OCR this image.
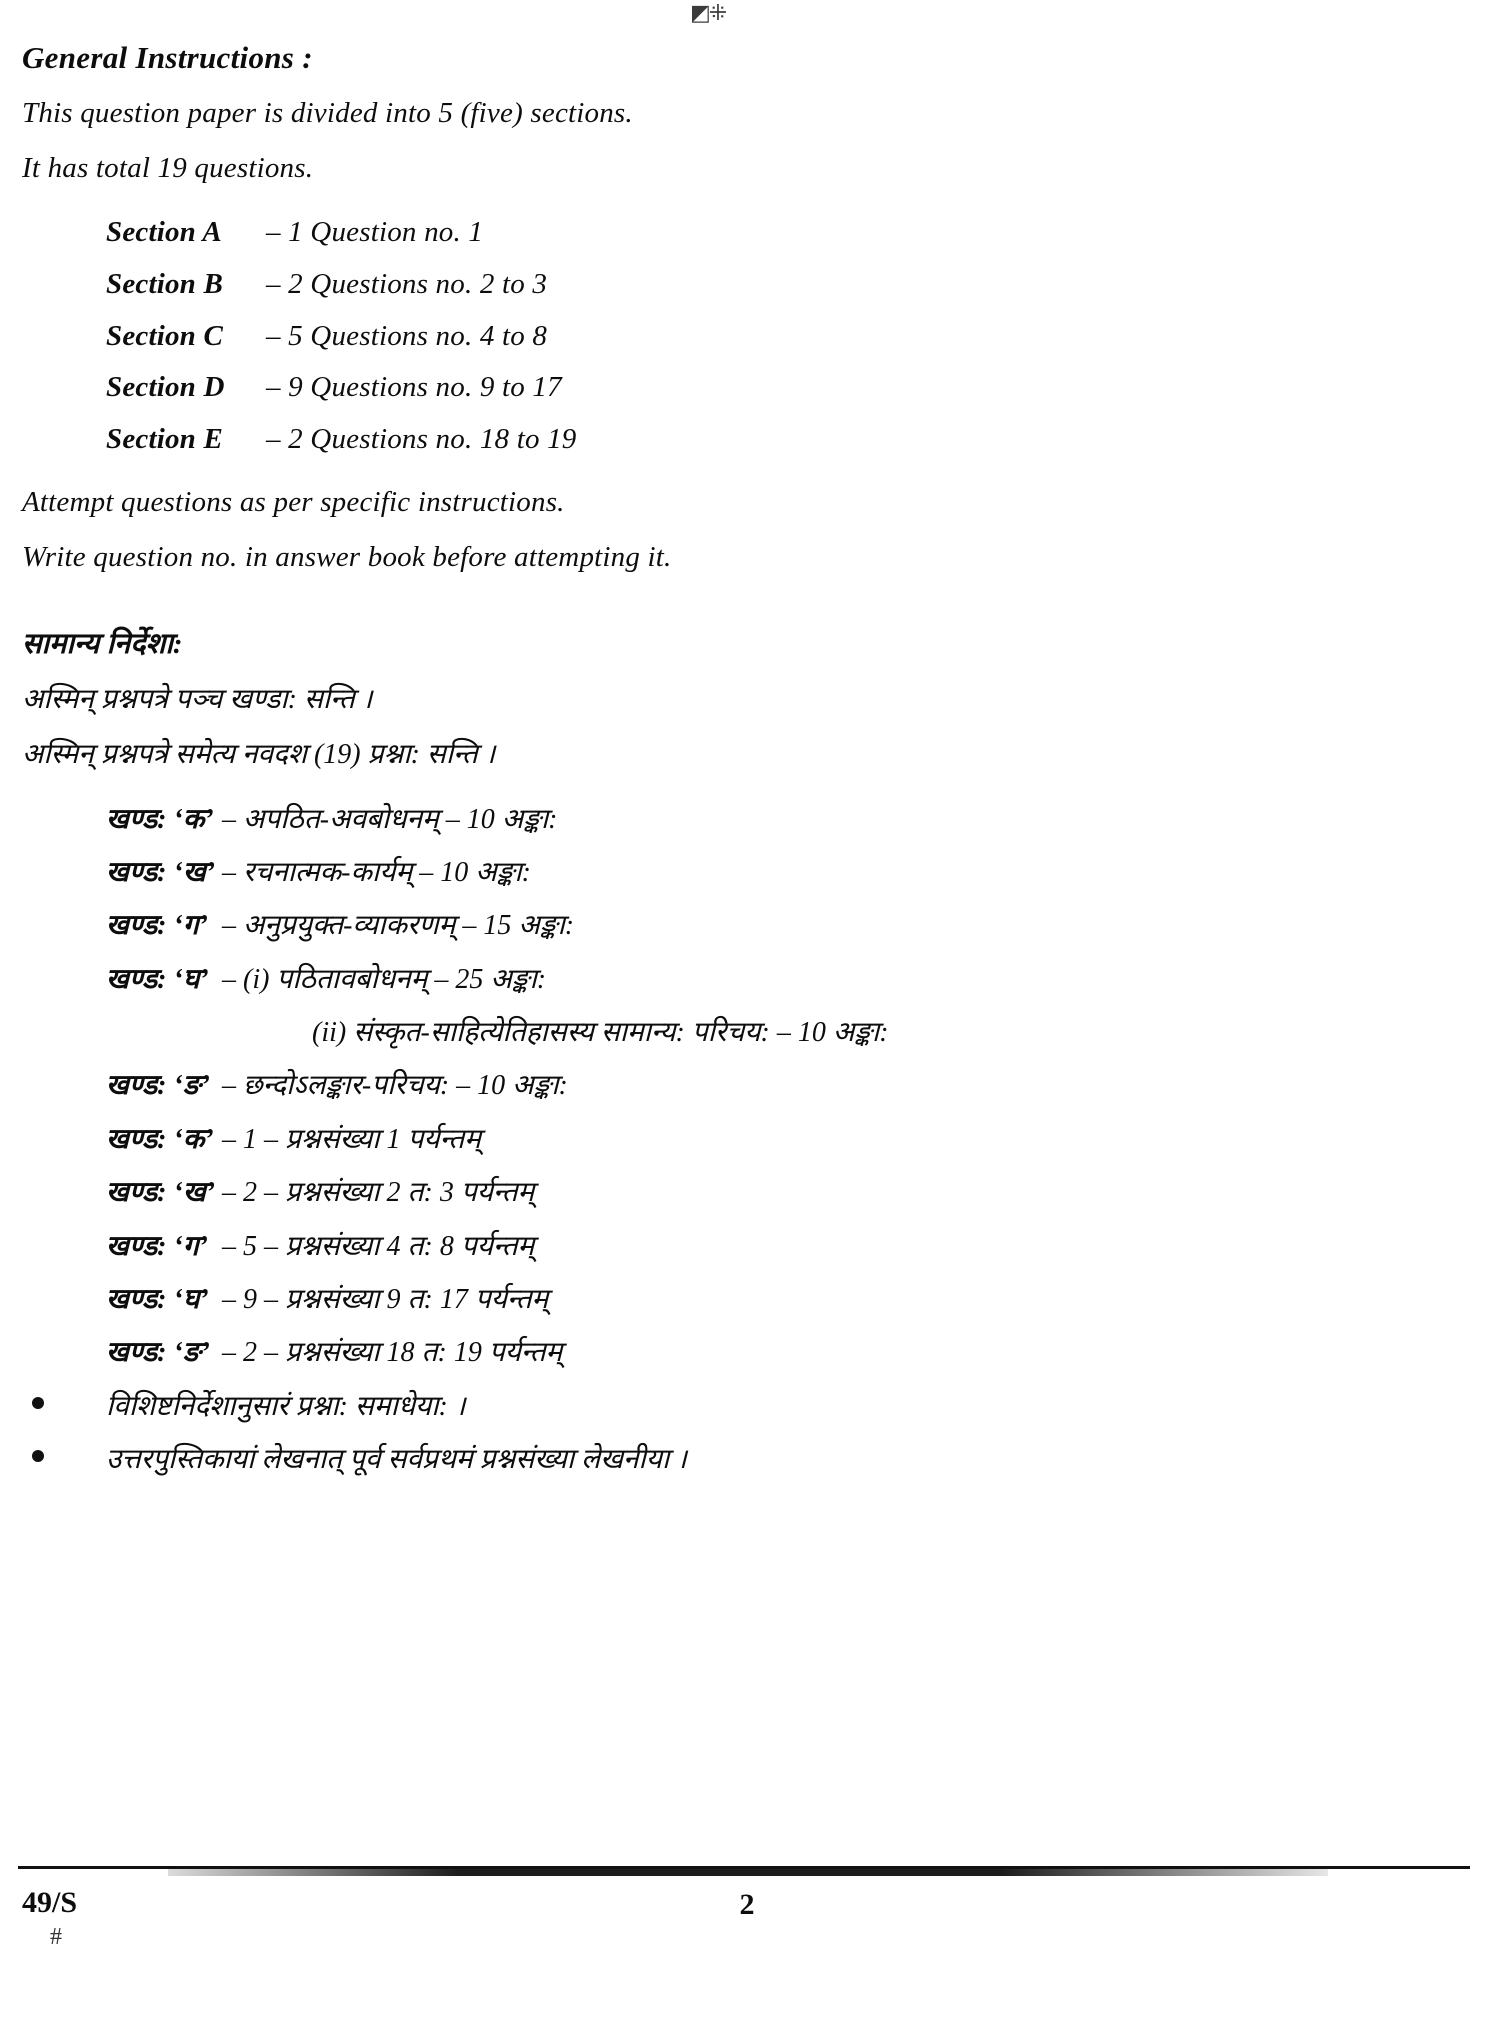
◩⁜
General Instructions :
This question paper is divided into 5 (five) sections.
It has total 19 questions.
Section A – 1 Question no. 1
Section B – 2 Questions no. 2 to 3
Section C – 5 Questions no. 4 to 8
Section D – 9 Questions no. 9 to 17
Section E – 2 Questions no. 18 to 19
Attempt questions as per specific instructions.
Write question no. in answer book before attempting it.
सामान्य निर्देशा:
अस्मिन् प्रश्नपत्रे पञ्च खण्डा: सन्ति ।
अस्मिन् प्रश्नपत्रे समेत्य नवदश (19) प्रश्ना: सन्ति ।
खण्ड: ‘क’ – अपठित-अवबोधनम् – 10 अङ्का:
खण्ड: ‘ख’ – रचनात्मक-कार्यम् – 10 अङ्का:
खण्ड: ‘ग’ – अनुप्रयुक्त-व्याकरणम् – 15 अङ्का:
खण्ड: ‘घ’ – (i) पठितावबोधनम् – 25 अङ्का:
(ii) संस्कृत-साहित्येतिहासस्य सामान्य: परिचय: – 10 अङ्का:
खण्ड: ‘ङ’ – छन्दोऽलङ्कार-परिचय: – 10 अङ्का:
खण्ड: ‘क’ – 1 – प्रश्नसंख्या 1 पर्यन्तम्
खण्ड: ‘ख’ – 2 – प्रश्नसंख्या 2 त: 3 पर्यन्तम्
खण्ड: ‘ग’ – 5 – प्रश्नसंख्या 4 त: 8 पर्यन्तम्
खण्ड: ‘घ’ – 9 – प्रश्नसंख्या 9 त: 17 पर्यन्तम्
खण्ड: ‘ङ’ – 2 – प्रश्नसंख्या 18 त: 19 पर्यन्तम्
विशिष्टनिर्देशानुसारं प्रश्ना: समाधेया: ।
उत्तरपुस्तिकायां लेखनात् पूर्व सर्वप्रथमं प्रश्नसंख्या लेखनीया ।
49/S
#
2
